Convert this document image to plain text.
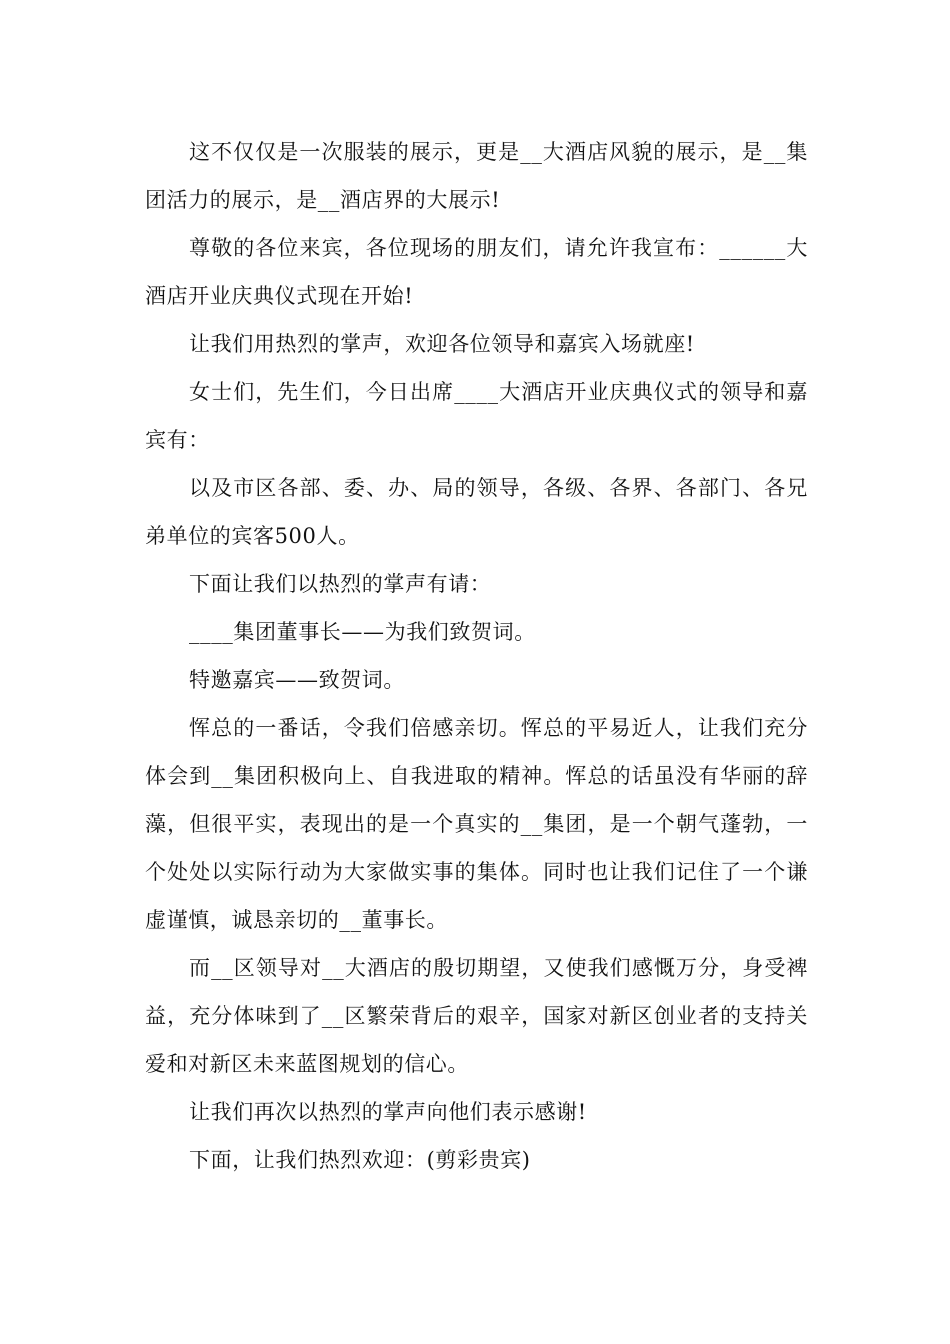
这不仅仅是一次服装的展示，更是__大酒店风貌的展示，是__集团活力的展示，是__酒店界的大展示!

尊敬的各位来宾，各位现场的朋友们，请允许我宣布：______大酒店开业庆典仪式现在开始!

让我们用热烈的掌声，欢迎各位领导和嘉宾入场就座!

女士们，先生们，今日出席____大酒店开业庆典仪式的领导和嘉宾有：

以及市区各部、委、办、局的领导，各级、各界、各部门、各兄弟单位的宾客500人。

下面让我们以热烈的掌声有请：

____集团董事长——为我们致贺词。

特邀嘉宾——致贺词。

恽总的一番话，令我们倍感亲切。恽总的平易近人，让我们充分体会到__集团积极向上、自我进取的精神。恽总的话虽没有华丽的辞藻，但很平实，表现出的是一个真实的__集团，是一个朝气蓬勃，一个处处以实际行动为大家做实事的集体。同时也让我们记住了一个谦虚谨慎，诚恳亲切的__董事长。

而__区领导对__大酒店的殷切期望，又使我们感慨万分，身受裨益，充分体味到了__区繁荣背后的艰辛，国家对新区创业者的支持关爱和对新区未来蓝图规划的信心。

让我们再次以热烈的掌声向他们表示感谢!

下面，让我们热烈欢迎：(剪彩贵宾)
